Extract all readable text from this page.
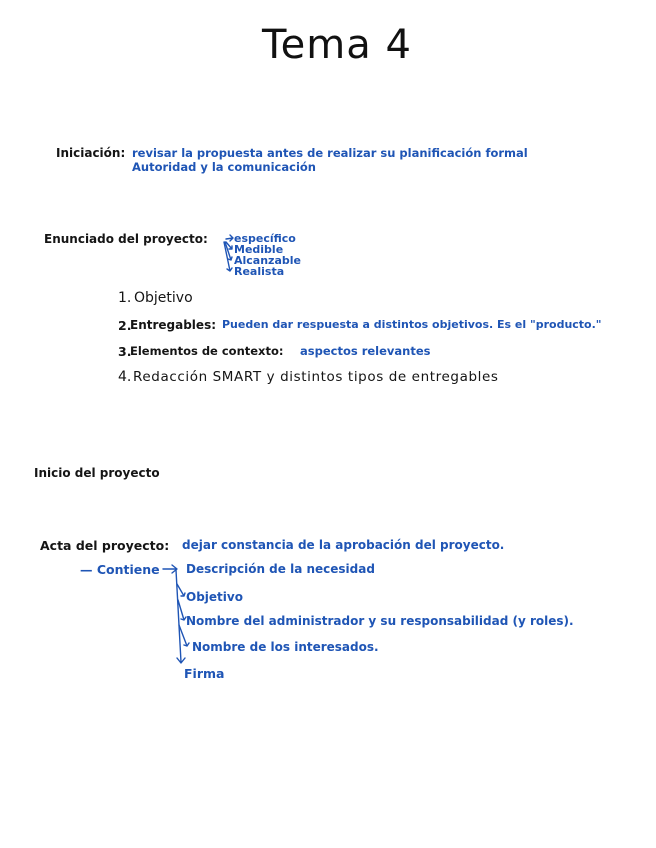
Tema 4
Iniciación: revisar la propuesta antes de realizar su planificación formal
Autoridad y la comunicación
Enunciado del proyecto: específico
Medible
Alcanzable
Realista
1. Objetivo
2.
Entregables: Pueden dar respuesta a distintos objetivos. Es el "producto."
3.
Elementos de contexto: aspectos relevantes
4. Redacción SMART y distintos tipos de entregables
Inicio del proyecto
Acta del proyecto: dejar constancia de la aprobación del proyecto.
— Contiene Descripción de la necesidad
Objetivo
Nombre del administrador y su responsabilidad (y roles).
Nombre de los interesados.
Firma
